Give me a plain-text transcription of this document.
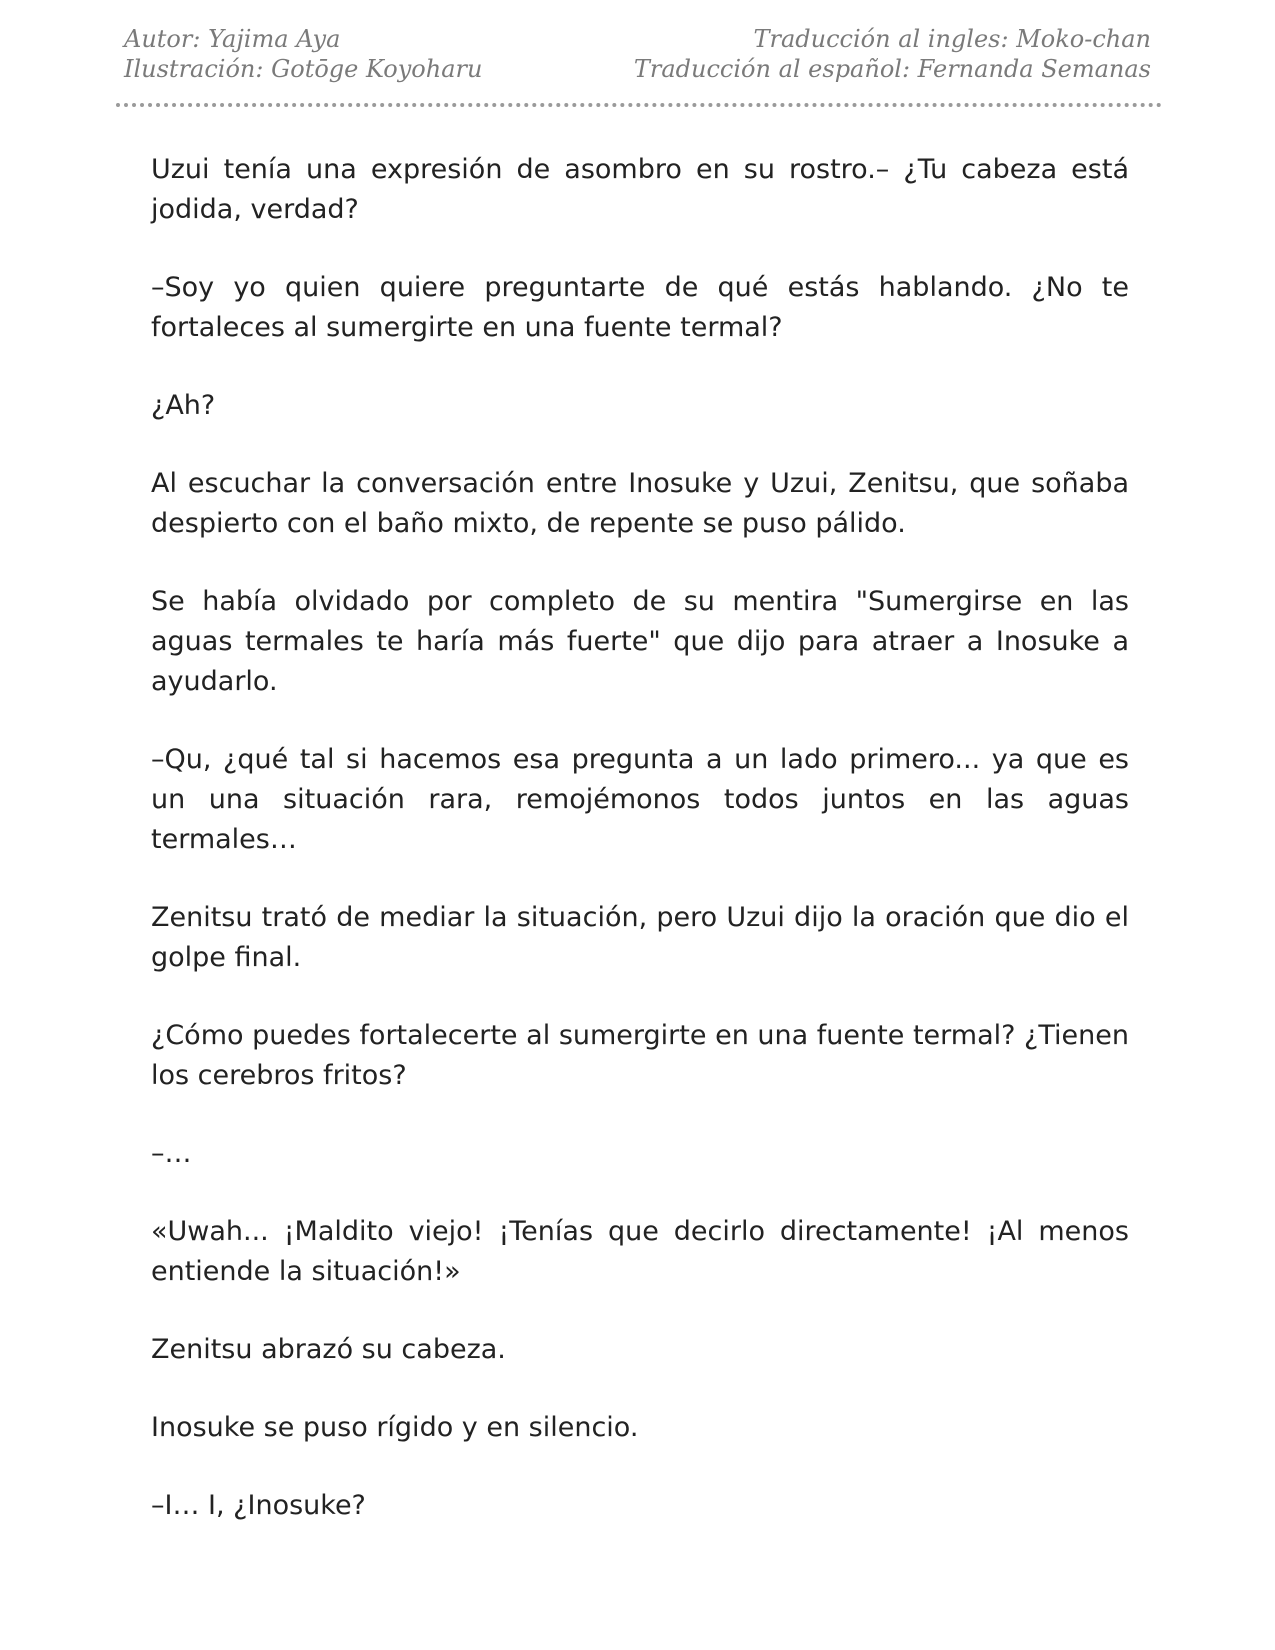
Autor: Yajima Aya
Ilustración: Gotōge Koyoharu
Traducción al ingles: Moko-chan
Traducción al español: Fernanda Semanas

Uzui tenía una expresión de asombro en su rostro.– ¿Tu cabeza está jodida, verdad?

–Soy yo quien quiere preguntarte de qué estás hablando. ¿No te fortaleces al sumergirte en una fuente termal?

¿Ah?

Al escuchar la conversación entre Inosuke y Uzui, Zenitsu, que soñaba despierto con el baño mixto, de repente se puso pálido.

Se había olvidado por completo de su mentira "Sumergirse en las aguas termales te haría más fuerte" que dijo para atraer a Inosuke a ayudarlo.

–Qu, ¿qué tal si hacemos esa pregunta a un lado primero... ya que es un una situación rara, remojémonos todos juntos en las aguas termales…

Zenitsu trató de mediar la situación, pero Uzui dijo la oración que dio el golpe final.

¿Cómo puedes fortalecerte al sumergirte en una fuente termal? ¿Tienen los cerebros fritos?

–…

«Uwah... ¡Maldito viejo! ¡Tenías que decirlo directamente! ¡Al menos entiende la situación!»

Zenitsu abrazó su cabeza.

Inosuke se puso rígido y en silencio.

–I… I, ¿Inosuke?
